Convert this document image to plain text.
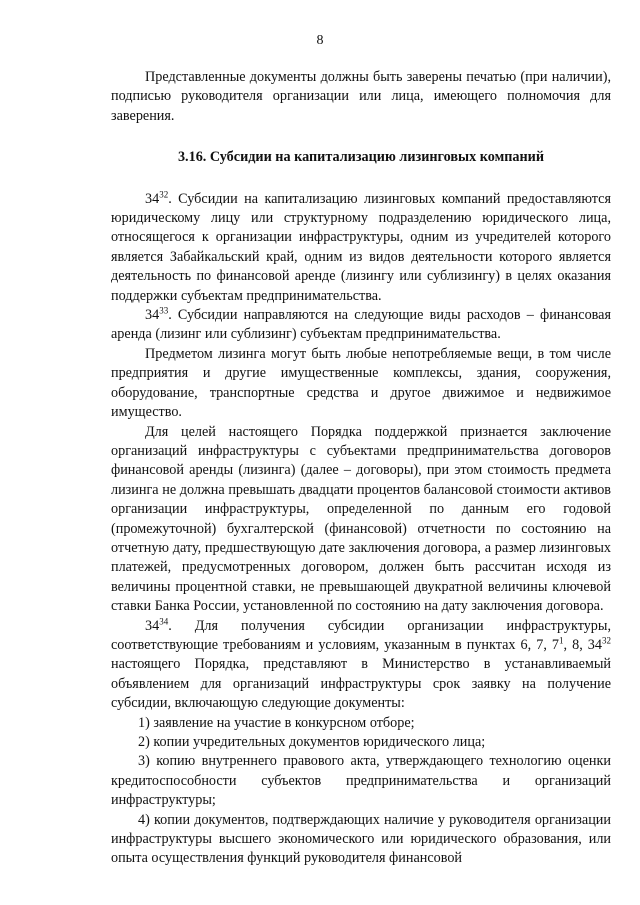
8

Представленные документы должны быть заверены печатью (при наличии), подписью руководителя организации или лица, имеющего полномочия для заверения.

3.16. Субсидии на капитализацию лизинговых компаний

$34^{32}$. Субсидии на капитализацию лизинговых компаний предоставляются юридическому лицу или структурному подразделению юридического лица, относящегося к организации инфраструктуры, одним из учредителей которого является Забайкальский край, одним из видов деятельности которого является деятельность по финансовой аренде (лизингу или сублизингу) в целях оказания поддержки субъектам предпринимательства.

$34^{33}$. Субсидии направляются на следующие виды расходов – финансовая аренда (лизинг или сублизинг) субъектам предпринимательства.

Предметом лизинга могут быть любые непотребляемые вещи, в том числе предприятия и другие имущественные комплексы, здания, сооружения, оборудование, транспортные средства и другое движимое и недвижимое имущество.

Для целей настоящего Порядка поддержкой признается заключение организаций инфраструктуры с субъектами предпринимательства договоров финансовой аренды (лизинга) (далее – договоры), при этом стоимость предмета лизинга не должна превышать двадцати процентов балансовой стоимости активов организации инфраструктуры, определенной по данным его годовой (промежуточной) бухгалтерской (финансовой) отчетности по состоянию на отчетную дату, предшествующую дате заключения договора, а размер лизинговых платежей, предусмотренных договором, должен быть рассчитан исходя из величины процентной ставки, не превышающей двукратной величины ключевой ставки Банка России, установленной по состоянию на дату заключения договора.

$34^{34}$. Для получения субсидии организации инфраструктуры, соответствующие требованиям и условиям, указанным в пунктах 6, 7, $7^1$, 8, $34^{32}$ настоящего Порядка, представляют в Министерство в устанавливаемый объявлением для организаций инфраструктуры срок заявку на получение субсидии, включающую следующие документы:

1) заявление на участие в конкурсном отборе;

2) копии учредительных документов юридического лица;

3) копию внутреннего правового акта, утверждающего технологию оценки кредитоспособности субъектов предпринимательства и организаций инфраструктуры;

4) копии документов, подтверждающих наличие у руководителя организации инфраструктуры высшего экономического или юридического образования, или опыта осуществления функций руководителя финансовой
